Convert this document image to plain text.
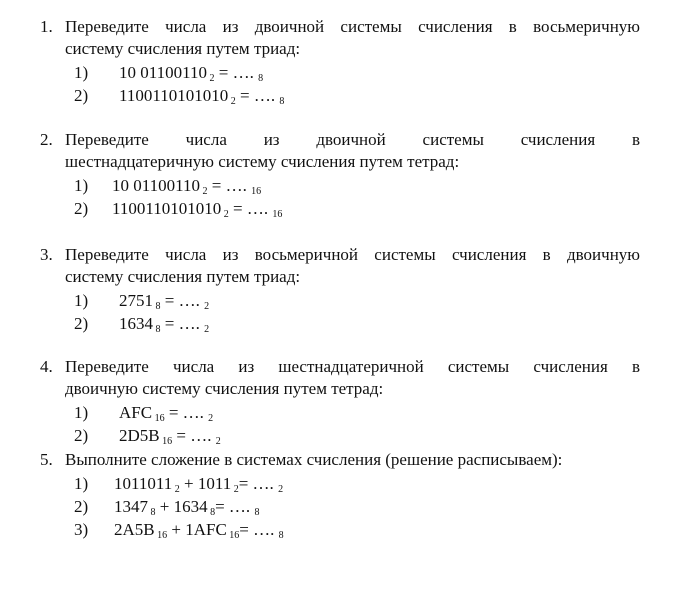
1. Переведите числа из двоичной системы счисления в восьмеричную
систему счисления путем триад:
1)	10 01100110 $_2$ = …. $_8$
2)	1100110101010 $_2$ = …. $_8$
2. Переведите числа из двоичной системы счисления в
шестнадцатеричную систему счисления путем тетрад:
1)	10 01100110 $_2$ = …. $_{16}$
2)	1100110101010 $_2$ = …. $_{16}$
3. Переведите числа из восьмеричной системы счисления в двоичную
систему счисления путем триад:
1)	2751 $_8$ = …. $_2$
2)	1634 $_8$ = …. $_2$
4. Переведите числа из шестнадцатеричной системы счисления в
двоичную систему счисления путем тетрад:
1)	AFC $_{16}$ = …. $_2$
2)	2D5B $_{16}$ = …. $_2$
5. Выполните сложение в системах счисления (решение расписываем):
1)	1011011 $_2$ + 1011 $_2$= …. $_2$
2)	1347 $_8$ + 1634 $_8$= …. $_8$
3)	2A5B $_{16}$ + 1AFC $_{16}$= …. $_8$
